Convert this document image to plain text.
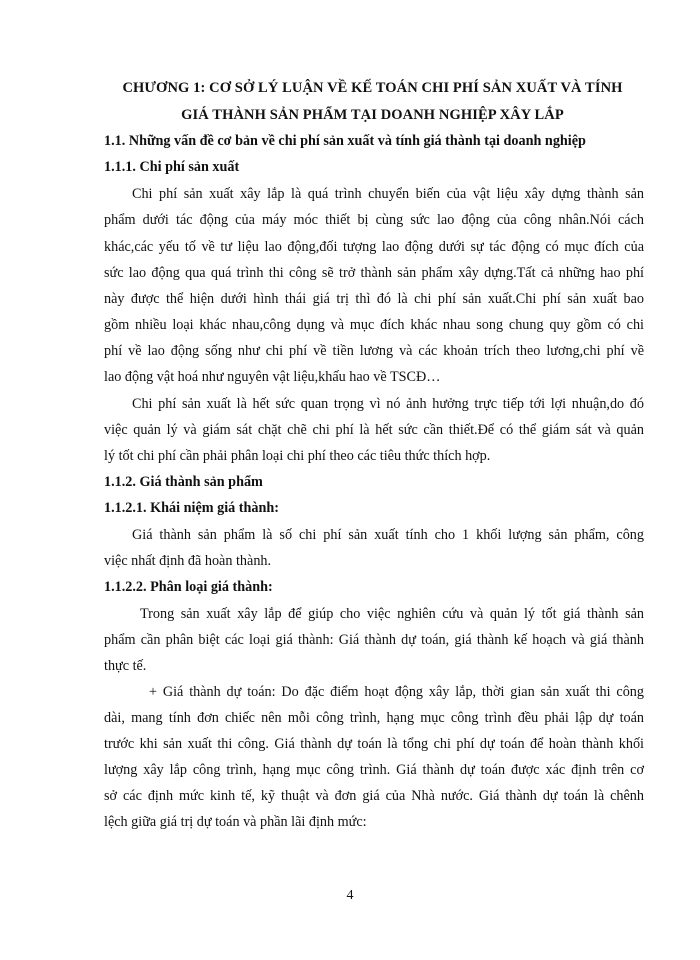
CHƯƠNG 1: CƠ SỞ LÝ LUẬN VỀ KẾ TOÁN CHI PHÍ SẢN XUẤT VÀ TÍNH
GIÁ THÀNH SẢN PHẨM TẠI DOANH NGHIỆP XÂY LẮP
1.1. Những vấn đề cơ bản về chi phí sản xuất và tính giá thành tại doanh nghiệp
1.1.1. Chi phí sản xuất
Chi phí sản xuất xây lắp là quá trình chuyển biến của vật liệu xây dựng thành sản
phẩm dưới tác động của máy móc thiết bị cùng sức lao động của công nhân.Nói cách
khác,các yếu tố về tư liệu lao động,đối tượng lao động dưới sự tác động có mục đích của
sức lao động qua quá trình thi công sẽ trở thành sản phẩm xây dựng.Tất cả những hao phí
này được thể hiện dưới hình thái giá trị thì đó là chi phí sản xuất.Chi phí sản xuất bao
gồm nhiều loại khác nhau,công dụng và mục đích khác nhau song chung quy gồm có chi
phí về lao động sống như chi phí về tiền lương và các khoản trích theo lương,chi phí về
lao động vật hoá như nguyên vật liệu,khấu hao về TSCĐ…
Chi phí sản xuất là hết sức quan trọng vì nó ảnh hưởng trực tiếp tới lợi nhuận,do đó
việc quản lý và giám sát chặt chẽ chi phí là hết sức cần thiết.Để có thể giám sát và quản
lý tốt chi phí cần phải phân loại chi phí theo các tiêu thức thích hợp.
1.1.2. Giá thành sản phẩm
1.1.2.1. Khái niệm giá thành:
Giá thành sản phẩm là số chi phí sản xuất tính cho 1 khối lượng sản phẩm, công
việc nhất định đã hoàn thành.
1.1.2.2. Phân loại giá thành:
Trong sản xuất xây lắp để giúp cho việc nghiên cứu và quản lý tốt giá thành sản
phẩm cần phân biệt các loại giá thành: Giá thành dự toán, giá thành kế hoạch và giá thành
thực tế.
+ Giá thành dự toán: Do đặc điểm hoạt động xây lắp, thời gian sản xuất thi công
dài, mang tính đơn chiếc nên mỗi công trình, hạng mục công trình đều phải lập dự toán
trước khi sản xuất thi công. Giá thành dự toán là tổng chi phí dự toán để hoàn thành khối
lượng xây lắp công trình, hạng mục công trình. Giá thành dự toán được xác định trên cơ
sở các định mức kinh tế, kỹ thuật và đơn giá của Nhà nước. Giá thành dự toán là chênh
lệch giữa giá trị dự toán và phần lãi định mức:
4
